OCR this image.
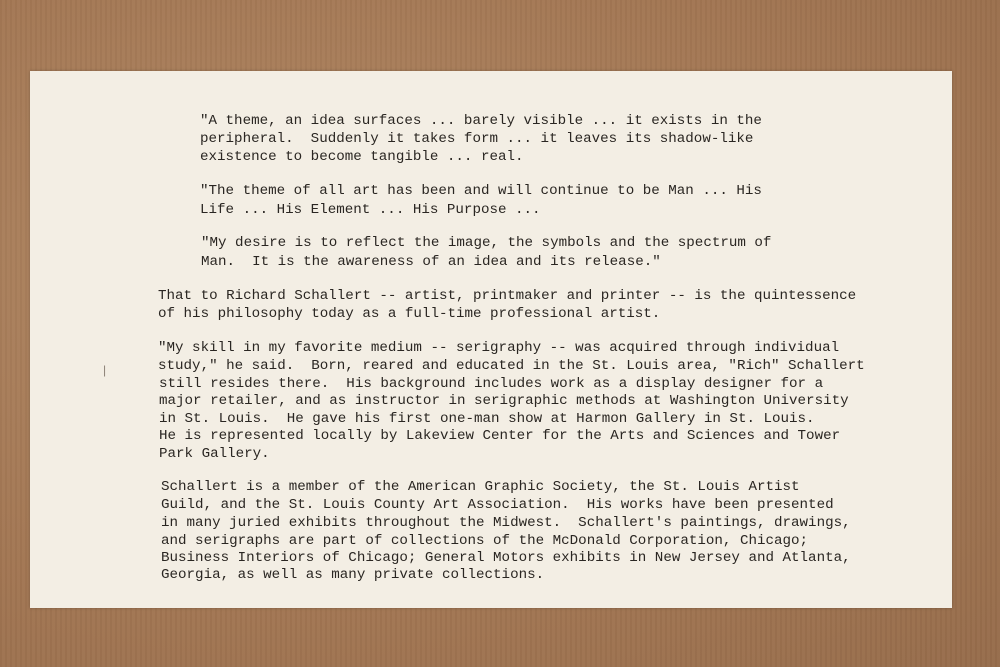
"A theme, an idea surfaces ... barely visible ... it exists in the
peripheral.  Suddenly it takes form ... it leaves its shadow-like
existence to become tangible ... real.
"The theme of all art has been and will continue to be Man ... His
Life ... His Element ... His Purpose ...
"My desire is to reflect the image, the symbols and the spectrum of
Man.  It is the awareness of an idea and its release."
That to Richard Schallert -- artist, printmaker and printer -- is the quintessence
of his philosophy today as a full-time professional artist.
"My skill in my favorite medium -- serigraphy -- was acquired through individual
study," he said.  Born, reared and educated in the St. Louis area, "Rich" Schallert
still resides there.  His background includes work as a display designer for a
major retailer, and as instructor in serigraphic methods at Washington University
in St. Louis.  He gave his first one-man show at Harmon Gallery in St. Louis.
He is represented locally by Lakeview Center for the Arts and Sciences and Tower
Park Gallery.
Schallert is a member of the American Graphic Society, the St. Louis Artist
Guild, and the St. Louis County Art Association.  His works have been presented
in many juried exhibits throughout the Midwest.  Schallert's paintings, drawings,
and serigraphs are part of collections of the McDonald Corporation, Chicago;
Business Interiors of Chicago; General Motors exhibits in New Jersey and Atlanta,
Georgia, as well as many private collections.
|
